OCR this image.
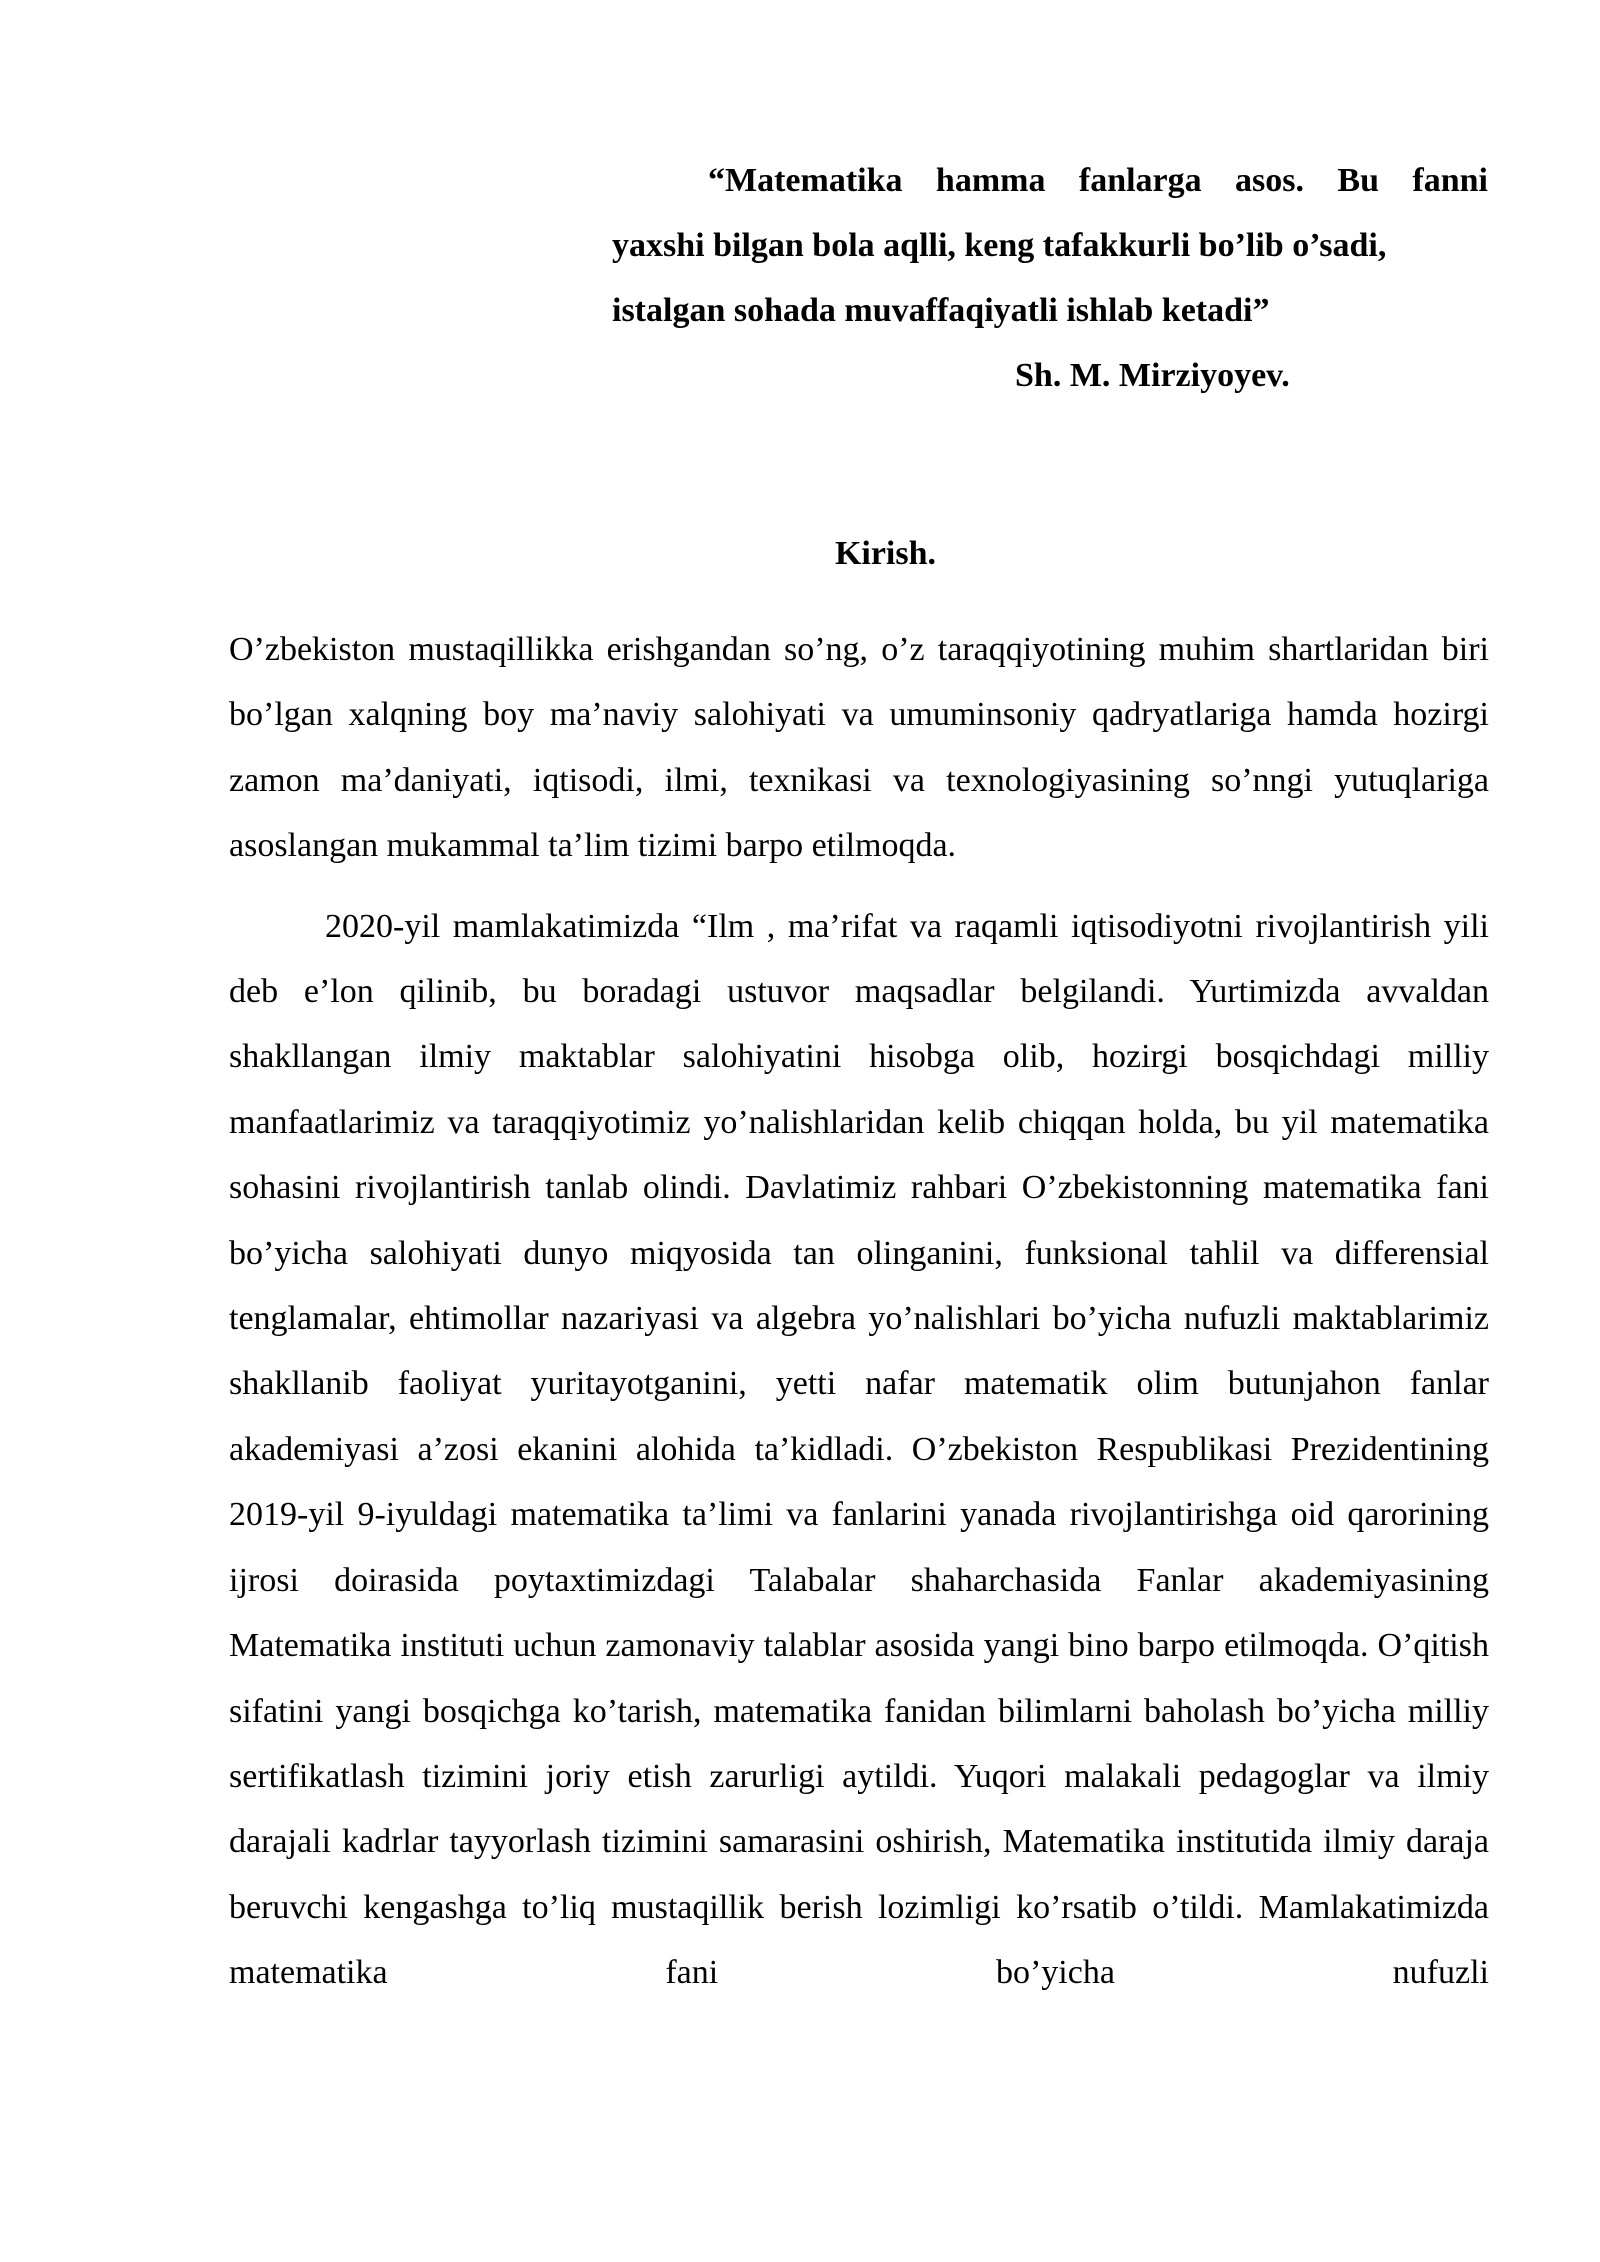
“Matematika hamma fanlarga asos. Bu fanni
yaxshi bilgan bola aqlli, keng tafakkurli bo’lib o’sadi,
istalgan sohada muvaffaqiyatli ishlab ketadi”
Sh. M. Mirziyoyev.
Kirish.

O’zbekiston mustaqillikka erishgandan so’ng, o’z taraqqiyotining muhim shartlaridan biri bo’lgan xalqning boy ma’naviy salohiyati va umuminsoniy qadryatlariga hamda hozirgi zamon ma’daniyati, iqtisodi, ilmi, texnikasi va texnologiyasining so’nngi yutuqlariga asoslangan mukammal ta’lim tizimi barpo etilmoqda.

2020-yil mamlakatimizda “Ilm , ma’rifat va raqamli iqtisodiyotni rivojlantirish yili deb e’lon qilinib, bu boradagi ustuvor maqsadlar belgilandi. Yurtimizda avvaldan shakllangan ilmiy maktablar salohiyatini hisobga olib, hozirgi bosqichdagi milliy manfaatlarimiz va taraqqiyotimiz yo’nalishlaridan kelib chiqqan holda, bu yil matematika sohasini rivojlantirish tanlab olindi. Davlatimiz rahbari O’zbekistonning matematika fani bo’yicha salohiyati dunyo miqyosida tan olinganini, funksional tahlil va differensial tenglamalar, ehtimollar nazariyasi va algebra yo’nalishlari bo’yicha nufuzli maktablarimiz shakllanib faoliyat yuritayotganini, yetti nafar matematik olim butunjahon fanlar akademiyasi a’zosi ekanini alohida ta’kidladi. O’zbekiston Respublikasi Prezidentining 2019-yil 9-iyuldagi matematika ta’limi va fanlarini yanada rivojlantirishga oid qarorining ijrosi doirasida poytaxtimizdagi Talabalar shaharchasida Fanlar akademiyasining Matematika instituti uchun zamonaviy talablar asosida yangi bino barpo etilmoqda. O’qitish sifatini yangi bosqichga ko’tarish, matematika fanidan bilimlarni baholash bo’yicha milliy sertifikatlash tizimini joriy etish zarurligi aytildi. Yuqori malakali pedagoglar va ilmiy darajali kadrlar tayyorlash tizimini samarasini oshirish, Matematika institutida ilmiy daraja beruvchi kengashga to’liq mustaqillik berish lozimligi ko’rsatib o’tildi. Mamlakatimizda matematika fani bo’yicha nufuzli
